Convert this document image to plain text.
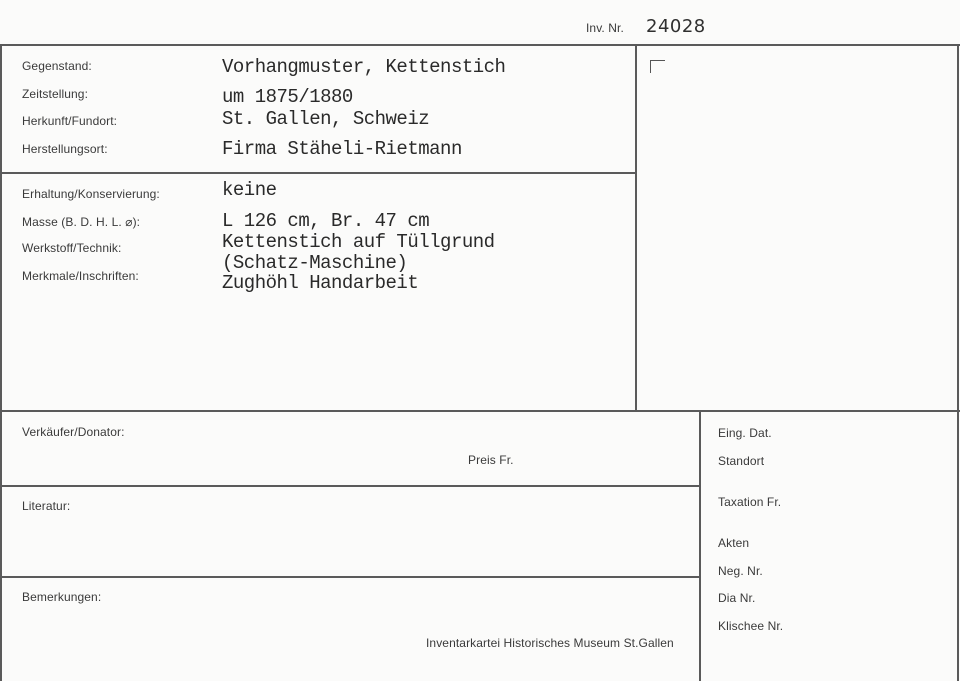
Inv. Nr. 24028
Gegenstand:	Vorhangmuster, Kettenstich
Zeitstellung:	um 1875/1880
Herkunft/Fundort:	St. Gallen, Schweiz
Herstellungsort:	Firma Stäheli-Rietmann
Erhaltung/Konservierung:	keine
Masse (B. D. H. L. ⌀):	L 126 cm, Br. 47 cm
Werkstoff/Technik:	Kettenstich auf Tüllgrund
(Schatz-Maschine)
Merkmale/Inschriften:	Zughöhl Handarbeit
Verkäufer/Donator:
Preis Fr.
Literatur:
Bemerkungen:
Inventarkartei Historisches Museum St.Gallen
Eing. Dat.
Standort
Taxation Fr.
Akten
Neg. Nr.
Dia Nr.
Klischee Nr.
